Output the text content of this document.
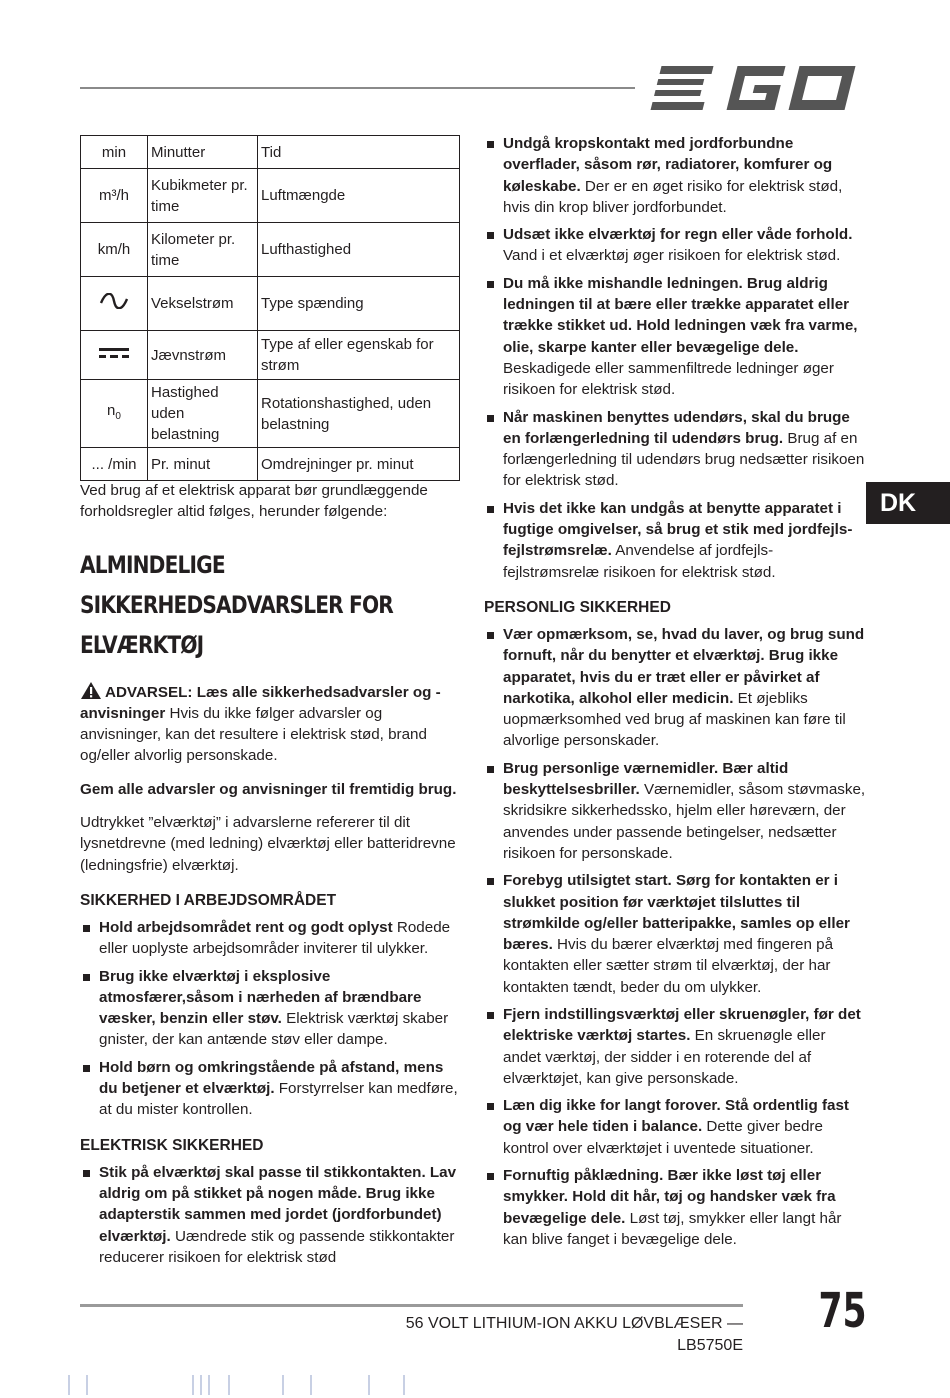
min	Minutter	Tid
m³/h	Kubikmeter pr. time	Luftmængde
km/h	Kilometer pr. time	Lufthastighed
	Vekselstrøm	Type spænding
	Jævnstrøm	Type af eller egenskab for strøm
$n_0$	Hastighed uden belastning	Rotationshastighed, uden belastning
... /min	Pr. minut	Omdrejninger pr. minut

Ved brug af et elektrisk apparat bør grundlæggende forholdsregler altid følges, herunder følgende:

ALMINDELIGE SIKKERHEDSADVARSLER FOR ELVÆRKTØJ

ADVARSEL: Læs alle sikkerhedsadvarsler og -anvisninger Hvis du ikke følger advarsler og anvisninger, kan det resultere i elektrisk stød, brand og/eller alvorlig personskade.

Gem alle advarsler og anvisninger til fremtidig brug.

Udtrykket ”elværktøj” i advarslerne refererer til dit lysnetdrevne (med ledning) elværktøj eller batteridrevne (ledningsfrie) elværktøj.

SIKKERHED I ARBEJDSOMRÅDET
Hold arbejdsområdet rent og godt oplyst Rodede eller uoplyste arbejdsområder inviterer til ulykker.
Brug ikke elværktøj i eksplosive atmosfærer,såsom i nærheden af brændbare væsker, benzin eller støv. Elektrisk værktøj skaber gnister, der kan antænde støv eller dampe.
Hold børn og omkringstående på afstand, mens du betjener et elværktøj. Forstyrrelser kan medføre, at du mister kontrollen.
ELEKTRISK SIKKERHED
Stik på elværktøj skal passe til stikkontakten. Lav aldrig om på stikket på nogen måde. Brug ikke adapterstik sammen med jordet (jordforbundet) elværktøj. Uændrede stik og passende stikkontakter reducerer risikoen for elektrisk stød
Undgå kropskontakt med jordforbundne overflader, såsom rør, radiatorer, komfurer og køleskabe. Der er en øget risiko for elektrisk stød, hvis din krop bliver jordforbundet.
Udsæt ikke elværktøj for regn eller våde forhold. Vand i et elværktøj øger risikoen for elektrisk stød.
Du må ikke mishandle ledningen. Brug aldrig ledningen til at bære eller trække apparatet eller trække stikket ud. Hold ledningen væk fra varme, olie, skarpe kanter eller bevægelige dele. Beskadigede eller sammenfiltrede ledninger øger risikoen for elektrisk stød.
Når maskinen benyttes udendørs, skal du bruge en forlængerledning til udendørs brug. Brug af en forlængerledning til udendørs brug nedsætter risikoen for elektrisk stød.
Hvis det ikke kan undgås at benytte apparatet i fugtige omgivelser, så brug et stik med jordfejls-fejlstrømsrelæ. Anvendelse af jordfejls-fejlstrømsrelæ risikoen for elektrisk stød.
PERSONLIG SIKKERHED
Vær opmærksom, se, hvad du laver, og brug sund fornuft, når du benytter et elværktøj. Brug ikke apparatet, hvis du er træt eller er påvirket af narkotika, alkohol eller medicin. Et øjebliks uopmærksomhed ved brug af maskinen kan føre til alvorlige personskader.
Brug personlige værnemidler. Bær altid beskyttelsesbriller. Værnemidler, såsom støvmaske, skridsikre sikkerhedssko, hjelm eller høreværn, der anvendes under passende betingelser, nedsætter risikoen for personskade.
Forebyg utilsigtet start. Sørg for kontakten er i slukket position før værktøjet tilsluttes til strømkilde og/eller batteripakke, samles op eller bæres. Hvis du bærer elværktøj med fingeren på kontakten eller sætter strøm til elværktøj, der har kontakten tændt, beder du om ulykker.
Fjern indstillingsværktøj eller skruenøgler, før det elektriske værktøj startes. En skruenøgle eller andet værktøj, der sidder i en roterende del af elværktøjet, kan give personskade.
Læn dig ikke for langt forover. Stå ordentlig fast og vær hele tiden i balance. Dette giver bedre kontrol over elværktøjet i uventede situationer.
Fornuftig påklædning. Bær ikke løst tøj eller smykker. Hold dit hår, tøj og handsker væk fra bevægelige dele. Løst tøj, smykker eller langt hår kan blive fanget i bevægelige dele.
DK
56 VOLT LITHIUM-ION AKKU LØVBLÆSER — LB5750E
75
